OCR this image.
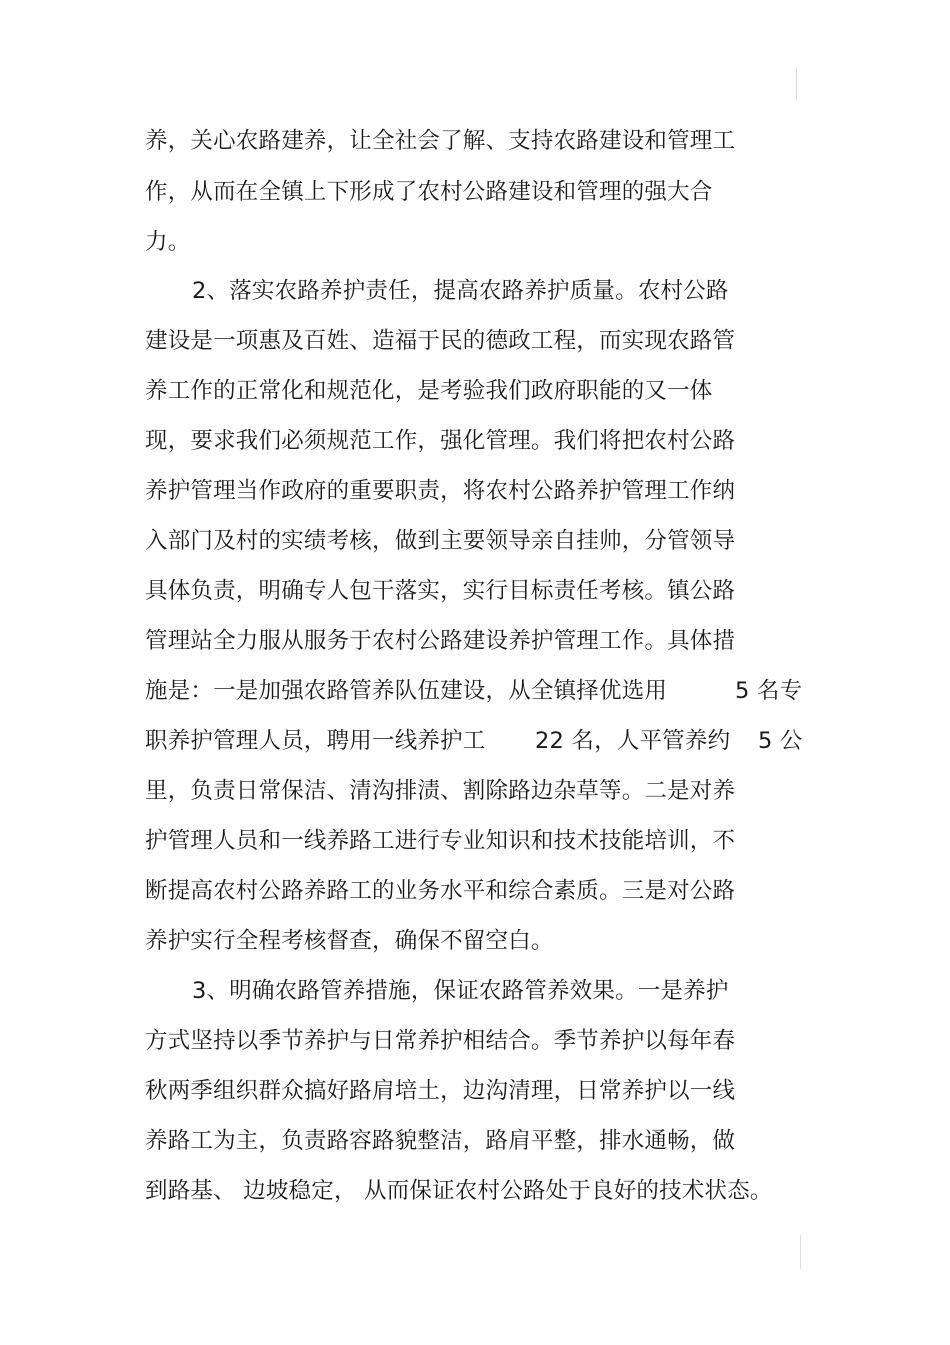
养，关心农路建养，让全社会了解、支持农路建设和管理工
作，从而在全镇上下形成了农村公路建设和管理的强大合
力。
2、落实农路养护责任，提高农路养护质量。农村公路
建设是一项惠及百姓、造福于民的德政工程，而实现农路管
养工作的正常化和规范化，是考验我们政府职能的又一体
现，要求我们必须规范工作，强化管理。我们将把农村公路
养护管理当作政府的重要职责，将农村公路养护管理工作纳
入部门及村的实绩考核，做到主要领导亲自挂帅，分管领导
具体负责，明确专人包干落实，实行目标责任考核。镇公路
管理站全力服从服务于农村公路建设养护管理工作。具体措

施是：一是加强农路管养队伍建设，从全镇择优选用

	5 名专

职养护管理人员，聘用一线养护工

22 名，人平管养约

5 公

里，负责日常保洁、清沟排渍、割除路边杂草等。二是对养
护管理人员和一线养路工进行专业知识和技术技能培训，不
断提高农村公路养路工的业务水平和综合素质。三是对公路
养护实行全程考核督查，确保不留空白。
3、明确农路管养措施，保证农路管养效果。一是养护
方式坚持以季节养护与日常养护相结合。季节养护以每年春
秋两季组织群众搞好路肩培土，边沟清理，日常养护以一线
养路工为主，负责路容路貌整洁，路肩平整，排水通畅，做
到路基、 边坡稳定， 从而保证农村公路处于良好的技术状态。
